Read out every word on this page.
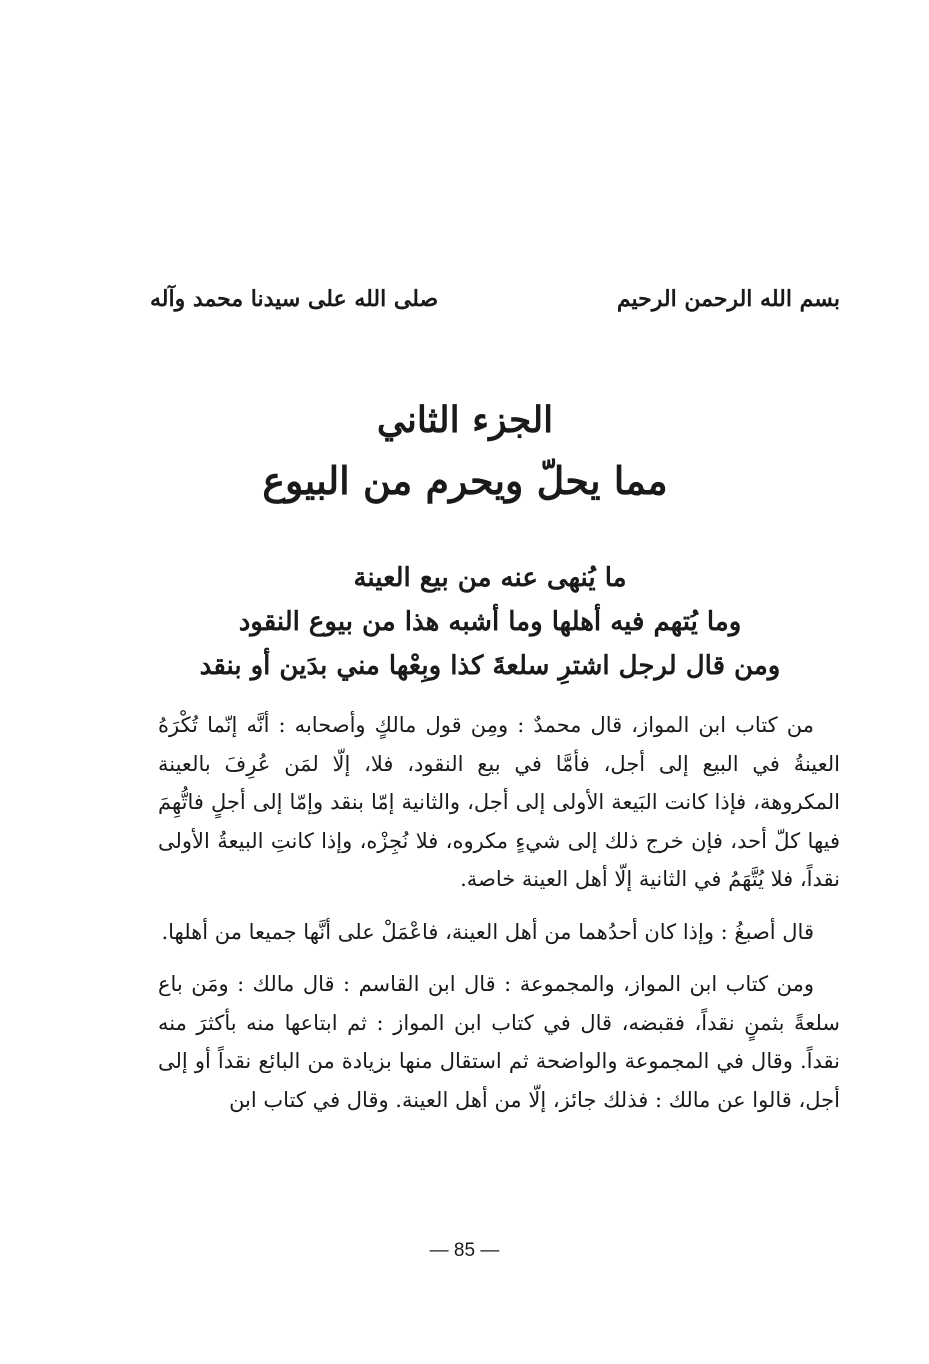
بسم الله الرحمن الرحيم
صلى الله على سيدنا محمد وآله
الجزء الثاني
مما يحلّ ويحرم من البيوع
ما يُنهى عنه من بيع العينة
وما يُتهم فيه أهلها وما أشبه هذا من بيوع النقود
ومن قال لرجل اشترِ سلعةَ كذا وبِعْها مني بدَين أو بنقد

من كتاب ابن المواز، قال محمدٌ : ومِن قول مالكٍ وأصحابه : أنَّه إنّما تُكْرَهُ العينةُ في البيع إلى أجل، فأمَّا في بيع النقود، فلا، إلّا لمَن عُرِفَ بالعينة المكروهة، فإذا كانت البَيعة الأولى إلى أجل، والثانية إمّا بنقد وإمّا إلى أجلٍ فاتُّهِمَ فيها كلّ أحد، فإن خرج ذلك إلى شيءٍ مكروه، فلا نُجِزْه، وإذا كانتِ البيعةُ الأولى نقداً، فلا يُتَّهَمُ في الثانية إلّا أهل العينة خاصة.

قال أصبغُ : وإذا كان أحدُهما من أهل العينة، فاعْمَلْ على أنَّها جميعا من أهلها.

ومن كتاب ابن المواز، والمجموعة : قال ابن القاسم : قال مالك : ومَن باع سلعةً بثمنٍ نقداً، فقبضه، قال في كتاب ابن المواز : ثم ابتاعها منه بأكثرَ منه نقداً. وقال في المجموعة والواضحة ثم استقال منها بزيادة من البائع نقداً أو إلى أجل، قالوا عن مالك : فذلك جائز، إلّا من أهل العينة. وقال في كتاب ابن

— 85 —
